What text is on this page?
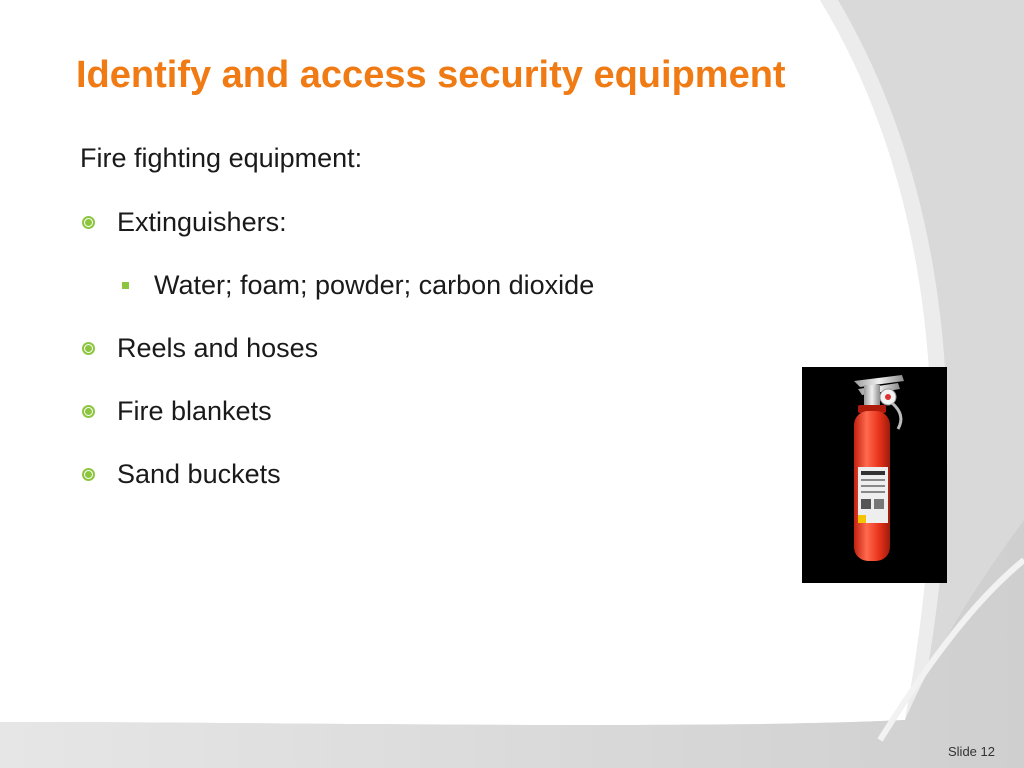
Identify and access security equipment
Fire fighting equipment:
Extinguishers:
Water; foam; powder; carbon dioxide
Reels and hoses
Fire blankets
Sand buckets
Slide 12
